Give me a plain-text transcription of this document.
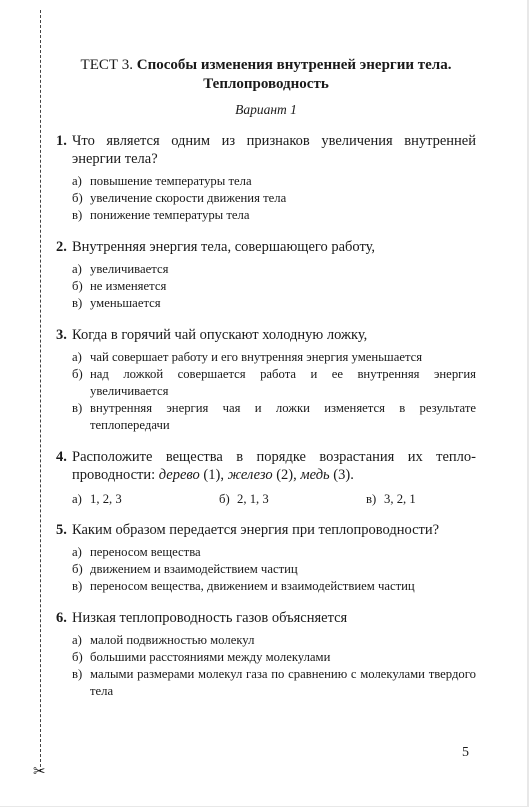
✂
ТЕСТ 3. Способы изменения внутренней энергии тела.
Теплопроводность
Вариант 1
1. Что является одним из признаков увеличения внутренней энергии тела?
а) повышение температуры тела
б) увеличение скорости движения тела
в) понижение температуры тела
2. Внутренняя энергия тела, совершающего работу,
а) увеличивается
б) не изменяется
в) уменьшается
3. Когда в горячий чай опускают холодную ложку,
а) чай совершает работу и его внутренняя энергия уменьшается
б) над ложкой совершается работа и ее внутренняя энергия увеличивается
в) внутренняя энергия чая и ложки изменяется в результате теплопередачи
4. Расположите вещества в порядке возрастания их тепло-проводности: дерево (1), железо (2), медь (3).
а) 1, 2, 3	б) 2, 1, 3	в) 3, 2, 1
5. Каким образом передается энергия при теплопроводности?
а) переносом вещества
б) движением и взаимодействием частиц
в) переносом вещества, движением и взаимодействием частиц
6. Низкая теплопроводность газов объясняется
а) малой подвижностью молекул
б) большими расстояниями между молекулами
в) малыми размерами молекул газа по сравнению с молекулами твердого тела
5
